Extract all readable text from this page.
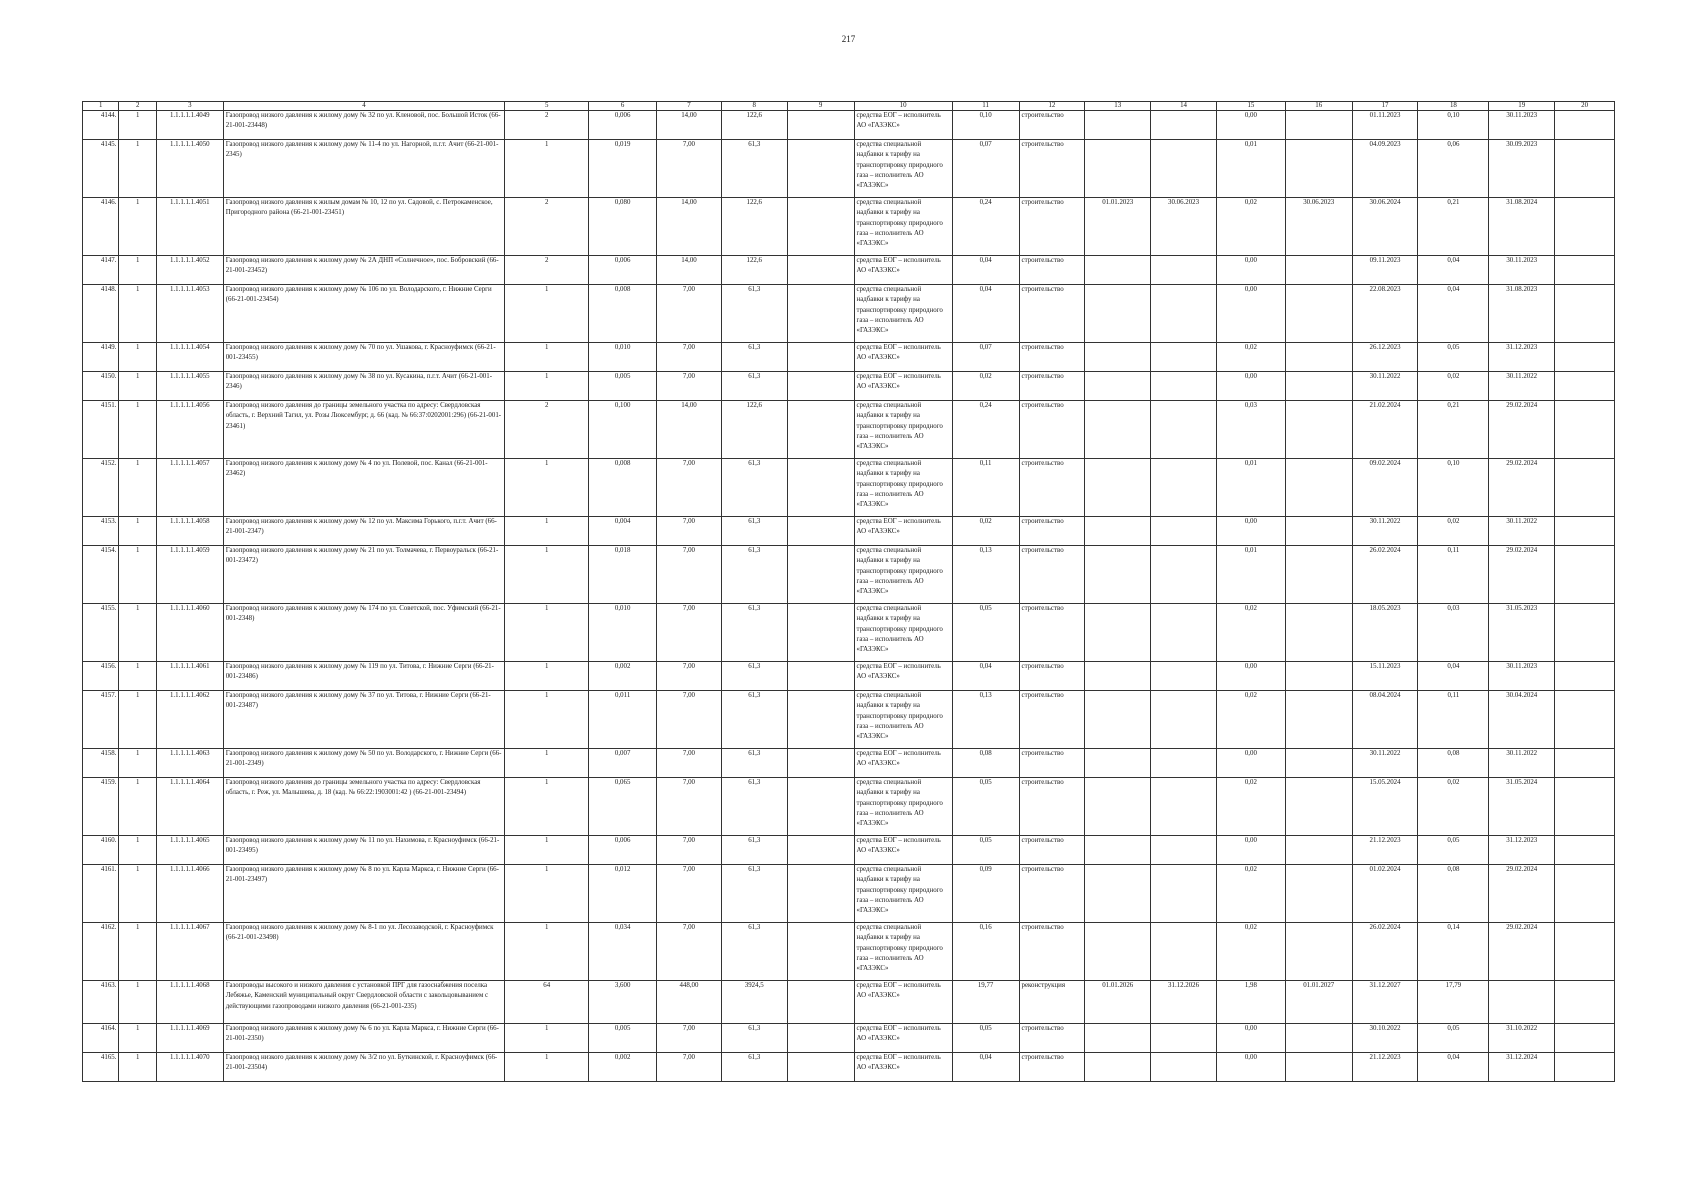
217
1	2	3	4	5	6	7	8	9	10	11	12	13	14	15	16	17	18	19	20
4144.	1	1.1.1.1.1.4049	Газопровод низкого давления к жилому дому № 32 по ул. Кленовой, пос. Большой Исток (66-21-001-23448)	2	0,006	14,00	122,6		средства ЕОГ – исполнитель АО «ГАЗЭКС»	0,10	строительство			0,00		01.11.2023	0,10	30.11.2023	
4145.	1	1.1.1.1.1.4050	Газопровод низкого давления к жилому дому № 11-4 по ул. Нагорной, п.г.т. Ачит (66-21-001-2345)	1	0,019	7,00	61,3		средства специальной надбавки к тарифу на транспортировку природного газа – исполнитель АО «ГАЗЭКС»	0,07	строительство			0,01		04.09.2023	0,06	30.09.2023	
4146.	1	1.1.1.1.1.4051	Газопровод низкого давления к жилым домам № 10, 12 по ул. Садовой, с. Петрокаменское, Пригородного района (66-21-001-23451)	2	0,080	14,00	122,6		средства специальной надбавки к тарифу на транспортировку природного газа – исполнитель АО «ГАЗЭКС»	0,24	строительство	01.01.2023	30.06.2023	0,02	30.06.2023	30.06.2024	0,21	31.08.2024	
4147.	1	1.1.1.1.1.4052	Газопровод низкого давления к жилому дому № 2А ДНП «Солнечное», пос. Бобровский (66-21-001-23452)	2	0,006	14,00	122,6		средства ЕОГ – исполнитель АО «ГАЗЭКС»	0,04	строительство			0,00		09.11.2023	0,04	30.11.2023	
4148.	1	1.1.1.1.1.4053	Газопровод низкого давления к жилому дому № 106 по ул. Володарского, г. Нижние Серги (66-21-001-23454)	1	0,008	7,00	61,3		средства специальной надбавки к тарифу на транспортировку природного газа – исполнитель АО «ГАЗЭКС»	0,04	строительство			0,00		22.08.2023	0,04	31.08.2023	
4149.	1	1.1.1.1.1.4054	Газопровод низкого давления к жилому дому № 70 по ул. Ушакова, г. Красноуфимск (66-21-001-23455)	1	0,010	7,00	61,3		средства ЕОГ – исполнитель АО «ГАЗЭКС»	0,07	строительство			0,02		26.12.2023	0,05	31.12.2023	
4150.	1	1.1.1.1.1.4055	Газопровод низкого давления к жилому дому № 38 по ул. Кусакина, п.г.т. Ачит (66-21-001-2346)	1	0,005	7,00	61,3		средства ЕОГ – исполнитель АО «ГАЗЭКС»	0,02	строительство			0,00		30.11.2022	0,02	30.11.2022	
4151.	1	1.1.1.1.1.4056	Газопровод низкого давления до границы земельного участка по адресу: Свердловская область, г. Верхний Тагил, ул. Розы Люксембург, д. 66 (кад. № 66:37:0202001:296) (66-21-001-23461)	2	0,100	14,00	122,6		средства специальной надбавки к тарифу на транспортировку природного газа – исполнитель АО «ГАЗЭКС»	0,24	строительство			0,03		21.02.2024	0,21	29.02.2024	
4152.	1	1.1.1.1.1.4057	Газопровод низкого давления к жилому дому № 4 по ул. Полевой, пос. Канал (66-21-001-23462)	1	0,008	7,00	61,3		средства специальной надбавки к тарифу на транспортировку природного газа – исполнитель АО «ГАЗЭКС»	0,11	строительство			0,01		09.02.2024	0,10	29.02.2024	
4153.	1	1.1.1.1.1.4058	Газопровод низкого давления к жилому дому № 12 по ул. Максима Горького, п.г.т. Ачит (66-21-001-2347)	1	0,004	7,00	61,3		средства ЕОГ – исполнитель АО «ГАЗЭКС»	0,02	строительство			0,00		30.11.2022	0,02	30.11.2022	
4154.	1	1.1.1.1.1.4059	Газопровод низкого давления к жилому дому № 21 по ул. Толмачева, г. Первоуральск (66-21-001-23472)	1	0,018	7,00	61,3		средства специальной надбавки к тарифу на транспортировку природного газа – исполнитель АО «ГАЗЭКС»	0,13	строительство			0,01		26.02.2024	0,11	29.02.2024	
4155.	1	1.1.1.1.1.4060	Газопровод низкого давления к жилому дому № 174 по ул. Советской, пос. Уфимский (66-21-001-2348)	1	0,010	7,00	61,3		средства специальной надбавки к тарифу на транспортировку природного газа – исполнитель АО «ГАЗЭКС»	0,05	строительство			0,02		18.05.2023	0,03	31.05.2023	
4156.	1	1.1.1.1.1.4061	Газопровод низкого давления к жилому дому № 119 по ул. Титова, г. Нижние Серги (66-21-001-23486)	1	0,002	7,00	61,3		средства ЕОГ – исполнитель АО «ГАЗЭКС»	0,04	строительство			0,00		15.11.2023	0,04	30.11.2023	
4157.	1	1.1.1.1.1.4062	Газопровод низкого давления к жилому дому № 37 по ул. Титова, г. Нижние Серги (66-21-001-23487)	1	0,011	7,00	61,3		средства специальной надбавки к тарифу на транспортировку природного газа – исполнитель АО «ГАЗЭКС»	0,13	строительство			0,02		08.04.2024	0,11	30.04.2024	
4158.	1	1.1.1.1.1.4063	Газопровод низкого давления к жилому дому № 50 по ул. Володарского, г. Нижние Серги (66-21-001-2349)	1	0,007	7,00	61,3		средства ЕОГ – исполнитель АО «ГАЗЭКС»	0,08	строительство			0,00		30.11.2022	0,08	30.11.2022	
4159.	1	1.1.1.1.1.4064	Газопровод низкого давления до границы земельного участка по адресу: Свердловская область, г. Реж, ул. Малышева, д. 18 (кад. № 66:22:1903001:42 ) (66-21-001-23494)	1	0,065	7,00	61,3		средства специальной надбавки к тарифу на транспортировку природного газа – исполнитель АО «ГАЗЭКС»	0,05	строительство			0,02		15.05.2024	0,02	31.05.2024	
4160.	1	1.1.1.1.1.4065	Газопровод низкого давления к жилому дому № 11 по ул. Нахимова, г. Красноуфимск (66-21-001-23495)	1	0,006	7,00	61,3		средства ЕОГ – исполнитель АО «ГАЗЭКС»	0,05	строительство			0,00		21.12.2023	0,05	31.12.2023	
4161.	1	1.1.1.1.1.4066	Газопровод низкого давления к жилому дому № 8 по ул. Карла Маркса, г. Нижние Серги (66-21-001-23497)	1	0,012	7,00	61,3		средства специальной надбавки к тарифу на транспортировку природного газа – исполнитель АО «ГАЗЭКС»	0,09	строительство			0,02		01.02.2024	0,08	29.02.2024	
4162.	1	1.1.1.1.1.4067	Газопровод низкого давления к жилому дому № 8-1 по ул. Лесозаводской, г. Красноуфимск (66-21-001-23498)	1	0,034	7,00	61,3		средства специальной надбавки к тарифу на транспортировку природного газа – исполнитель АО «ГАЗЭКС»	0,16	строительство			0,02		26.02.2024	0,14	29.02.2024	
4163.	1	1.1.1.1.1.4068	Газопроводы высокого и низкого давления с установкой ПРГ для газоснабжения поселка Лебяжье, Каменский муниципальный округ Свердловской области с закольцовыванием с действующими газопроводами низкого давления (66-21-001-235)	64	3,600	448,00	3924,5		средства ЕОГ – исполнитель АО «ГАЗЭКС»	19,77	реконструкция	01.01.2026	31.12.2026	1,98	01.01.2027	31.12.2027	17,79		
4164.	1	1.1.1.1.1.4069	Газопровод низкого давления к жилому дому № 6 по ул. Карла Маркса, г. Нижние Серги (66-21-001-2350)	1	0,005	7,00	61,3		средства ЕОГ – исполнитель АО «ГАЗЭКС»	0,05	строительство			0,00		30.10.2022	0,05	31.10.2022	
4165.	1	1.1.1.1.1.4070	Газопровод низкого давления к жилому дому № 3/2 по ул. Буткинской, г. Красноуфимск (66-21-001-23504)	1	0,002	7,00	61,3		средства ЕОГ – исполнитель АО «ГАЗЭКС»	0,04	строительство			0,00		21.12.2023	0,04	31.12.2024	
